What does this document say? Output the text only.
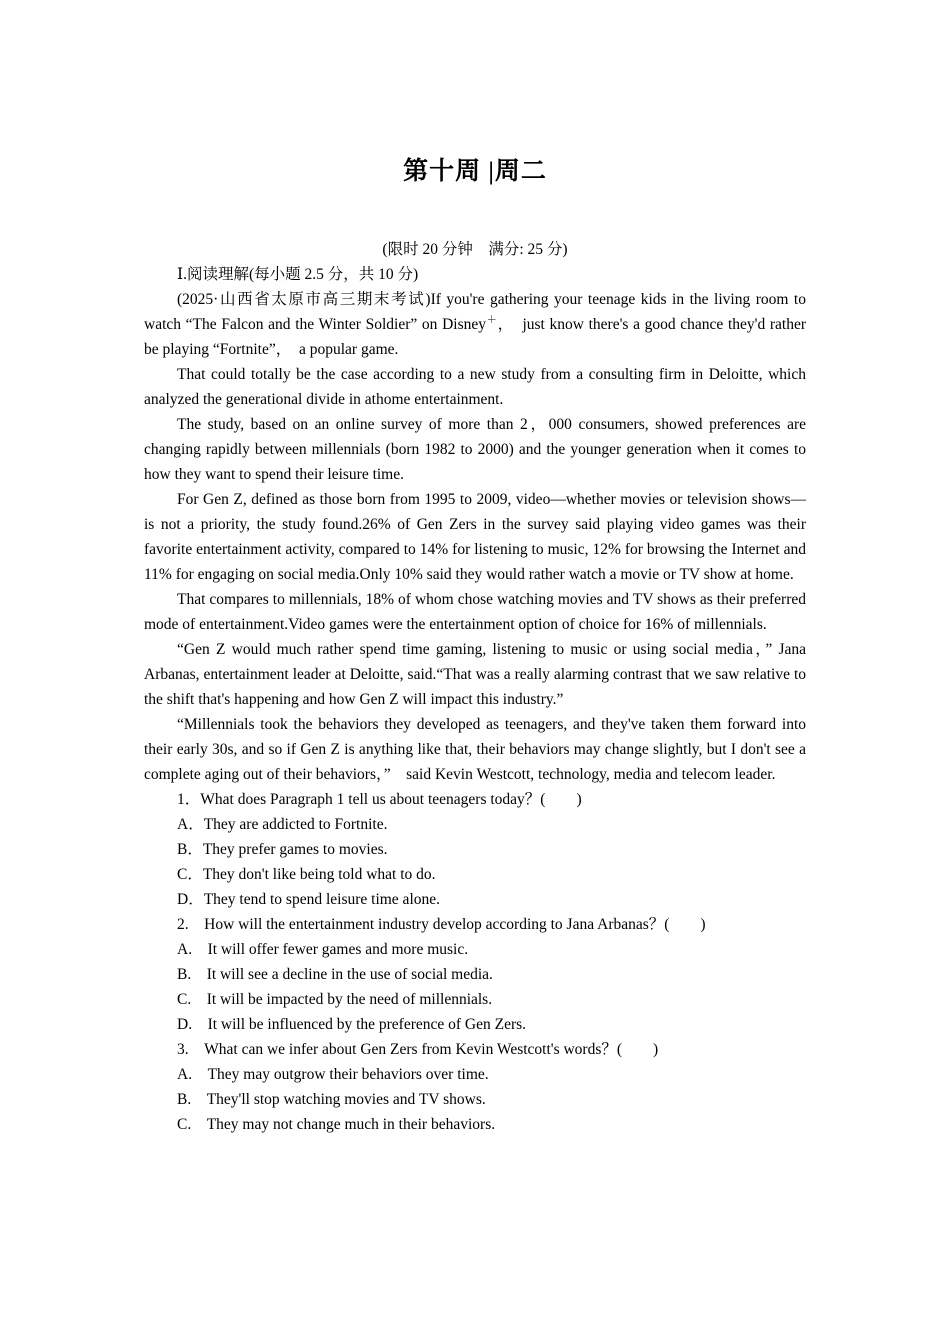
第十周 |周二
(限时 20 分钟　满分: 25 分)
Ⅰ.阅读理解(每小题 2.5 分，共 10 分)

(2025·山西省太原市高三期末考试)If you're gathering your teenage kids in the living room to watch “The Falcon and the Winter Soldier” on Disney＋，　just know there's a good chance they'd rather be playing “Fortnite”，　a popular game.

That could totally be the case according to a new study from a consulting firm in Deloitte, which analyzed the generational divide in athome entertainment.

The study, based on an online survey of more than 2，000 consumers, showed preferences are changing rapidly between millennials (born 1982 to 2000) and the younger generation when it comes to how they want to spend their leisure time.

For Gen Z, defined as those born from 1995 to 2009, video—whether movies or television shows—is not a priority, the study found.26% of Gen Zers in the survey said playing video games was their favorite entertainment activity, compared to 14% for listening to music, 12% for browsing the Internet and 11% for engaging on social media.Only 10% said they would rather watch a movie or TV show at home.

That compares to millennials, 18% of whom chose watching movies and TV shows as their preferred mode of entertainment.Video games were the entertainment option of choice for 16% of millennials.

“Gen Z would much rather spend time gaming, listening to music or using social media，” Jana Arbanas, entertainment leader at Deloitte, said.“That was a really alarming contrast that we saw relative to the shift that's happening and how Gen Z will impact this industry.”

“Millennials took the behaviors they developed as teenagers, and they've taken them forward into their early 30s, and so if Gen Z is anything like that, their behaviors may change slightly, but I don't see a complete aging out of their behaviors，”　said Kevin Westcott, technology, media and telecom leader.

1．What does Paragraph 1 tell us about teenagers today？(　　)

A．They are addicted to Fortnite.

B．They prefer games to movies.

C．They don't like being told what to do.

D．They tend to spend leisure time alone.

2.　How will the entertainment industry develop according to Jana Arbanas？(　　)

A.　It will offer fewer games and more music.

B.　It will see a decline in the use of social media.

C.　It will be impacted by the need of millennials.

D.　It will be influenced by the preference of Gen Zers.

3.　What can we infer about Gen Zers from Kevin Westcott's words？(　　)

A.　They may outgrow their behaviors over time.

B.　They'll stop watching movies and TV shows.

C.　They may not change much in their behaviors.
